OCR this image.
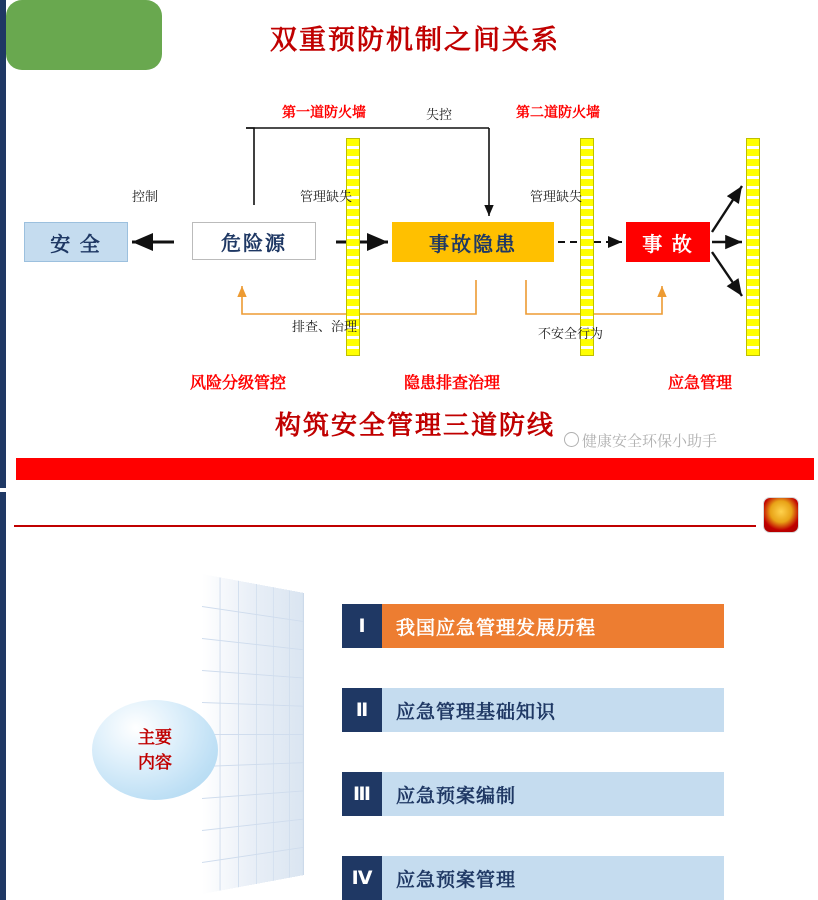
双重预防机制之间关系
第一道防火墙	第二道防火墙
失控
控制	管理缺失	管理缺失
排查、治理	不安全行为
安 全	危险源	事故隐患	事 故
风险分级管控	隐患排查治理	应急管理
构筑安全管理三道防线
健康安全环保小助手
主要
内容
Ⅰ	我国应急管理发展历程
Ⅱ	应急管理基础知识
Ⅲ	应急预案编制
Ⅳ	应急预案管理
